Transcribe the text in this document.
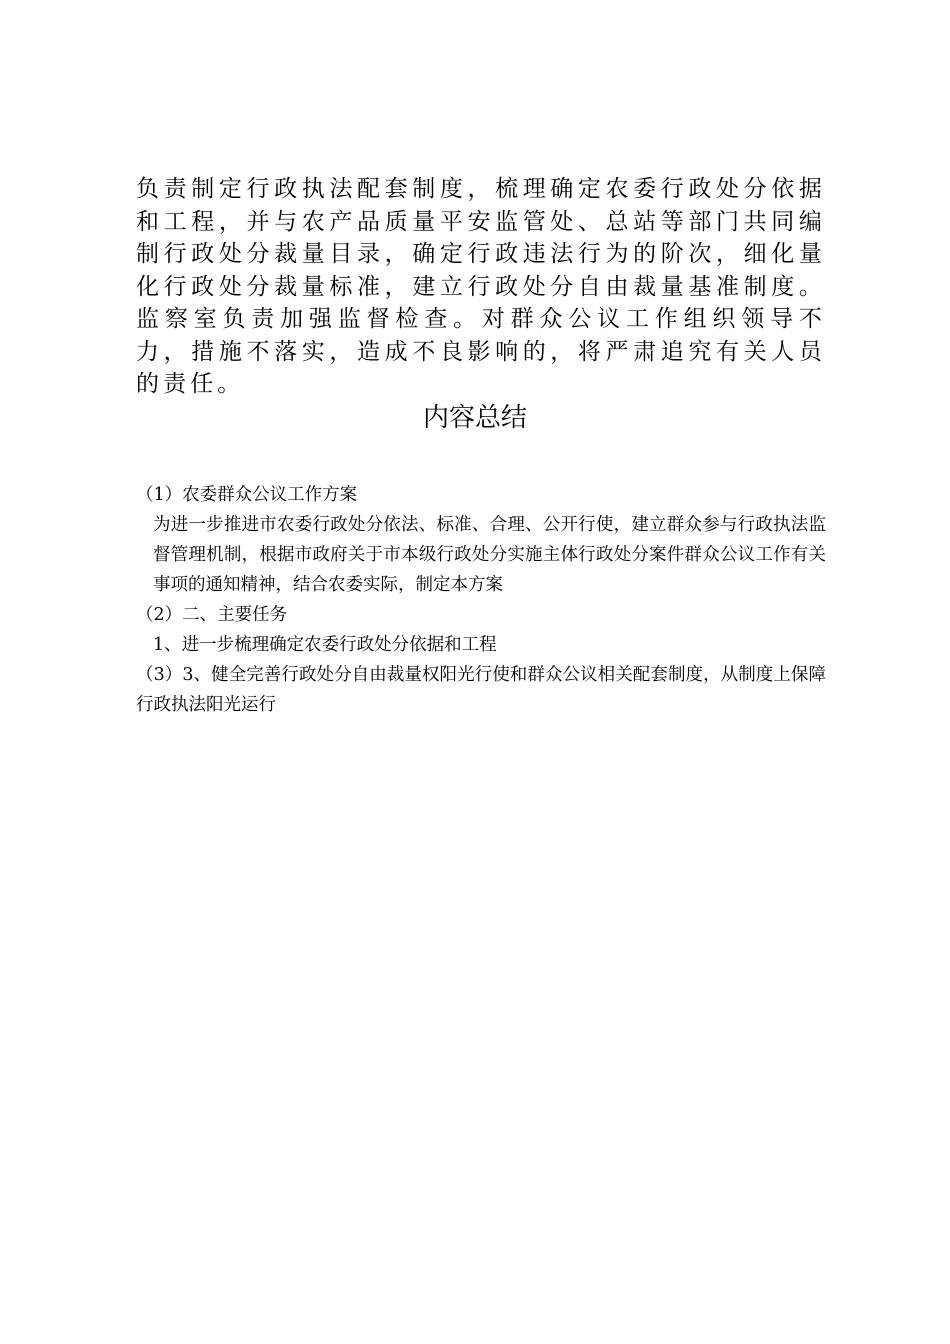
负责制定行政执法配套制度，梳理确定农委行政处分依据和工程，并与农产品质量平安监管处、总站等部门共同编制行政处分裁量目录，确定行政违法行为的阶次，细化量化行政处分裁量标准，建立行政处分自由裁量基准制度。监察室负责加强监督检查。对群众公议工作组织领导不力，措施不落实，造成不良影响的，将严肃追究有关人员的责任。

内容总结

（1）农委群众公议工作方案

为进一步推进市农委行政处分依法、标准、合理、公开行使，建立群众参与行政执法监督管理机制，根据市政府关于市本级行政处分实施主体行政处分案件群众公议工作有关事项的通知精神，结合农委实际，制定本方案

（2）二、主要任务

1、进一步梳理确定农委行政处分依据和工程

（3）3、健全完善行政处分自由裁量权阳光行使和群众公议相关配套制度，从制度上保障行政执法阳光运行
